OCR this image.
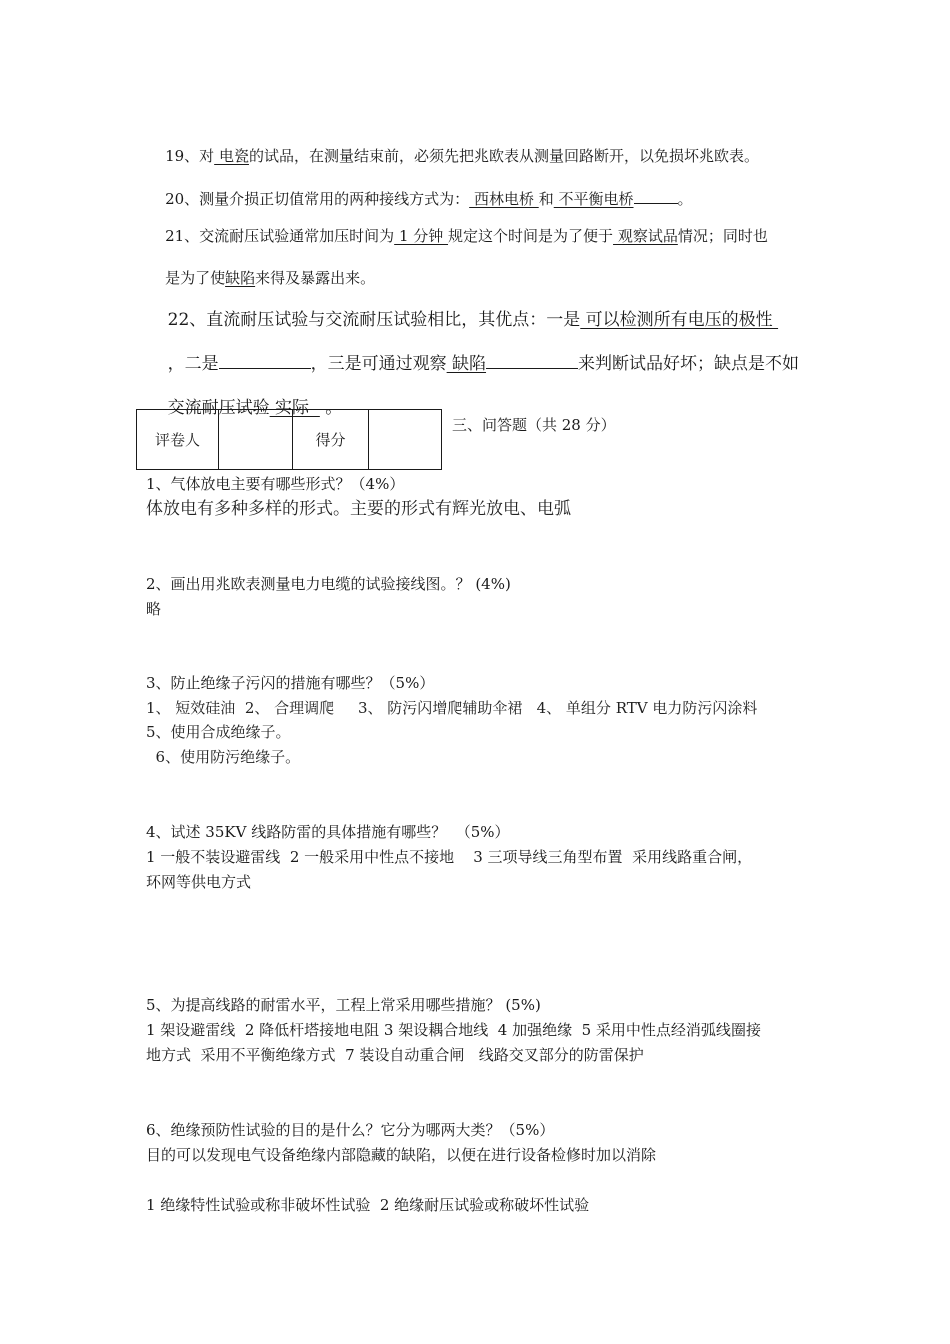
19、对 电瓷的试品，在测量结束前，必须先把兆欧表从测量回路断开，以免损坏兆欧表。

20、测量介损正切值常用的两种接线方式为： 西林电桥 和 不平衡电桥	。

21、交流耐压试验通常加压时间为 1 分钟 规定这个时间是为了便于 观察试品情况；同时也

是为了使缺陷来得及暴露出来。

22、直流耐压试验与交流耐压试验相比，其优点：一是 可以检测所有电压的极性

，二是	，三是可通过观察 缺陷	来判断试品好坏；缺点是不如

交流耐压试验 实际   。

评卷人		得分	
三、问答题（共 28 分）
1、气体放电主要有哪些形式？（4%）
体放电有多种多样的形式。主要的形式有辉光放电、电弧
2、画出用兆欧表测量电力电缆的试验接线图。？ (4%)
略
3、防止绝缘子污闪的措施有哪些？（5%）
1、 短效硅油  2、 合理调爬     3、 防污闪增爬辅助伞裙   4、 单组分 RTV 电力防污闪涂料
5、使用合成绝缘子。
6、使用防污绝缘子。
4、试述 35KV 线路防雷的具体措施有哪些？  （5%）
1 一般不装设避雷线  2 一般采用中性点不接地    3 三项导线三角型布置  采用线路重合闸，
环网等供电方式
5、为提高线路的耐雷水平，工程上常采用哪些措施？ (5%)
1 架设避雷线  2 降低杆塔接地电阻 3 架设耦合地线  4 加强绝缘  5 采用中性点经消弧线圈接
地方式  采用不平衡绝缘方式  7 装设自动重合闸   线路交叉部分的防雷保护
6、绝缘预防性试验的目的是什么？它分为哪两大类？（5%）
目的可以发现电气设备绝缘内部隐藏的缺陷，以便在进行设备检修时加以消除
1 绝缘特性试验或称非破坏性试验  2 绝缘耐压试验或称破坏性试验
